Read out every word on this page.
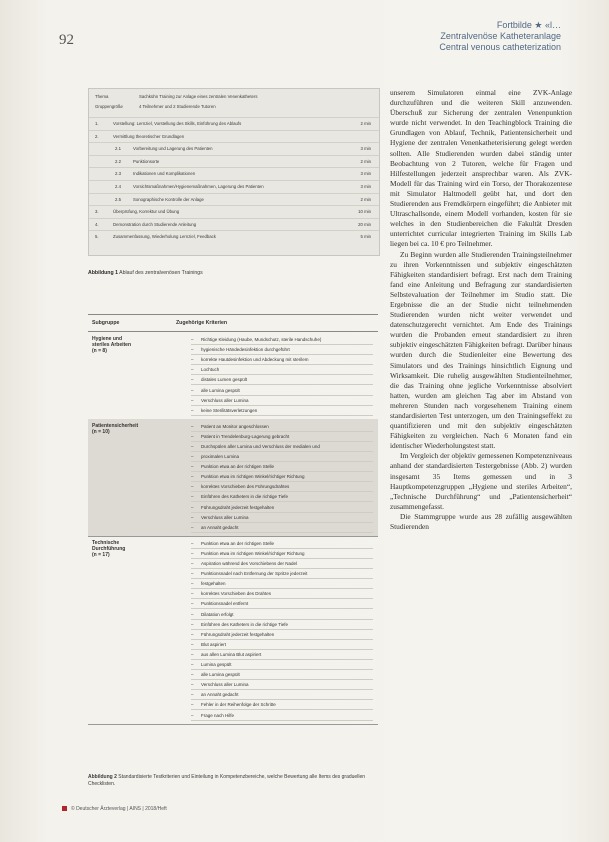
92
Fortbilde ★ «l…
Zentralvenöse Katheteranlage
Central venous catheterization
Thema	Sachkühn Training zur Anlage eines zentralen Venenkatheters
Gruppengröße	4 Teilnehmer und 2 Studierende Tutoren
1.	Vorstellung: Lernziel, Vorstellung des Skills, Einführung des Ablaufs	2 min
2.	Vermittlung theoretischer Grundlagen
2.1	Vorbereitung und Lagerung des Patienten	3 min
2.2	Punktionsorte	2 min
2.3	Indikationen und Komplikationen	3 min
2.4	Vorsichtsmaßnahmen/Hygienemaßnahmen, Lagerung des Patienten	3 min
2.5	Sonographische Kontrolle der Anlage	2 min
3.	Überprüfung, Korrektur und Übung	10 min
4.	Demonstration durch Studierende Anleitung	20 min
5.	Zusammenfassung, Wiederholung Lernziel, Feedback	5 min
Abbildung 1 Ablauf des zentralvenösen Trainings
Subgruppe	Zugehörige Kriterien
Hygiene und
steriles Arbeiten
(n = 8)
– Richtige Kleidung (Haube, Mundschutz, sterile Handschuhe)
– hygienische Händedesinfektion durchgeführt
– korrekte Hautdesinfektion und Abdeckung mit sterilem
– Lochtuch
– distales Lumen gespült
– alle Lumina gespült
– Verschluss aller Lumina
– keine Sterilitätsverletzungen
Patientensicherheit
(n = 10)
– Patient an Monitor angeschlossen
– Patient in Trendelenburg-Lagerung gebracht
– Durchspülen aller Lumina und Verschluss der medialen und
– proximalen Lumina
– Punktion etwa an der richtigen Stelle
– Punktion etwa im richtigen Winkel/richtiger Richtung
– korrektes Vorschieben des Führungsdrahtes
– Einführen des Katheters in die richtige Tiefe
– Führungsdraht jederzeit festgehalten
– Verschluss aller Lumina
– an Annaht gedacht
Technische
Durchführung
(n = 17)
– Punktion etwa an der richtigen Stelle
– Punktion etwa im richtigen Winkel/richtiger Richtung
– Aspiration während des Vorschiebens der Nadel
– Punktionsnadel nach Entfernung der Spritze jederzeit
– festgehalten
– korrektes Vorschieben des Drahtes
– Punktionsnadel entfernt
– Dilatation erfolgt
– Einführen des Katheters in die richtige Tiefe
– Führungsdraht jederzeit festgehalten
– Blut aspiriert
– aus allen Lumina Blut aspiriert
– Lumina gespült
– alle Lumina gespült
– Verschluss aller Lumina
– an Annaht gedacht
– Fehler in der Reihenfolge der Schritte
– Frage nach Hilfe
Abbildung 2 Standardisierte Testkriterien und Einteilung in Kompetenzbereiche, welche Bewertung alle Items des graduellen Checklisten.
© Deutscher Ärzteverlag | AINS | 2018/Heft

unserem Simulatoren einmal eine ZVK-Anlage durchzuführen und die weiteren Skill anzuwenden. Überschuß zur Sicherung der zentralen Venenpunktion wurde nicht verwendet. In den Teachingblock Training die Grundlagen von Ablauf, Technik, Patientensicherheit und Hygiene der zentralen Venenkatheterisierung gelegt werden sollten. Alle Studierenden wurden dabei ständig unter Beobachtung von 2 Tutoren, welche für Fragen und Hilfestellungen jederzeit ansprechbar waren. Als ZVK-Modell für das Training wird ein Torso, der Thorakozentese mit Simulator Haltmodell geübt hat, und dort den Studierenden aus Fremdkörpern eingeführt; die Anbieter mit Ultraschallsonde, einem Modell vorhanden, kosten für sie welches in den Studienbereichen die Fakultät Dresden unterrichtet curricular integrierten Training im Skills Lab liegen bei ca. 10 € pro Teilnehmer.

Zu Beginn wurden alle Studierenden Trainingsteilnehmer zu ihren Vorkenntnissen und subjektiv eingeschätzten Fähigkeiten standardisiert befragt. Erst nach dem Training fand eine Anleitung und Befragung zur standardisierten Selbstevaluation der Teilnehmer im Studio statt. Die Ergebnisse die an der Studie nicht teilnehmenden Studierenden wurden nicht weiter verwendet und datenschutzgerecht vernichtet. Am Ende des Trainings wurden die Probanden erneut standardisiert zu ihren subjektiv eingeschätzten Fähigkeiten befragt. Darüber hinaus wurden durch die Studienleiter eine Bewertung des Simulators und des Trainings hinsichtlich Eignung und Wirksamkeit. Die ruhelig ausgewählten Studienteilnehmer, die das Training ohne jegliche Vorkenntnisse absolviert hatten, wurden am gleichen Tag aber im Abstand von mehreren Stunden nach vorgesehenem Training einem standardisierten Test unterzogen, um den Trainingseffekt zu quantifizieren und mit den subjektiv eingeschätzten Fähigkeiten zu vergleichen. Nach 6 Monaten fand ein identischer Wiederholungstest statt.

Im Vergleich der objektiv gemessenen Kompetenzniveaus anhand der standardisierten Testergebnisse (Abb. 2) wurden insgesamt 35 Items gemessen und in 3 Hauptkompetenzgruppen „Hygiene und steriles Arbeiten“, „Technische Durchführung“ und „Patientensicherheit“ zusammengefasst.

Die Stammgruppe wurde aus 28 zufällig ausgewählten Studierenden
